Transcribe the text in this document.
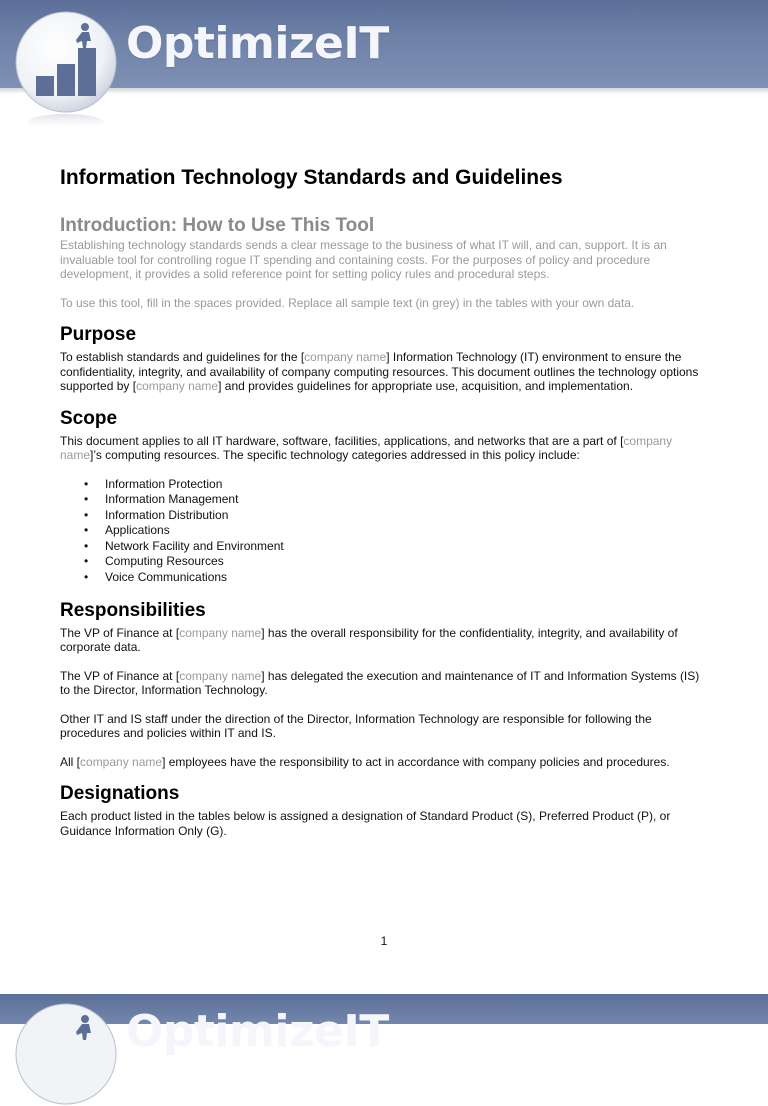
OptimizeIT
Information Technology Standards and Guidelines
Introduction: How to Use This Tool

Establishing technology standards sends a clear message to the business of what IT will, and can, support. It is an invaluable tool for controlling rogue IT spending and containing costs. For the purposes of policy and procedure development, it provides a solid reference point for setting policy rules and procedural steps.

To use this tool, fill in the spaces provided. Replace all sample text (in grey) in the tables with your own data.

Purpose

To establish standards and guidelines for the [company name] Information Technology (IT) environment to ensure the confidentiality, integrity, and availability of company computing resources. This document outlines the technology options supported by [company name] and provides guidelines for appropriate use, acquisition, and implementation.

Scope

This document applies to all IT hardware, software, facilities, applications, and networks that are a part of [company name]’s computing resources. The specific technology categories addressed in this policy include:

• Information Protection
• Information Management
• Information Distribution
• Applications
• Network Facility and Environment
• Computing Resources
• Voice Communications
Responsibilities

The VP of Finance at [company name] has the overall responsibility for the confidentiality, integrity, and availability of corporate data.

The VP of Finance at [company name] has delegated the execution and maintenance of IT and Information Systems (IS) to the Director, Information Technology.

Other IT and IS staff under the direction of the Director, Information Technology are responsible for following the procedures and policies within IT and IS.

All [company name] employees have the responsibility to act in accordance with company policies and procedures.

Designations

Each product listed in the tables below is assigned a designation of Standard Product (S), Preferred Product (P), or Guidance Information Only (G).

1
OptimizeIT
